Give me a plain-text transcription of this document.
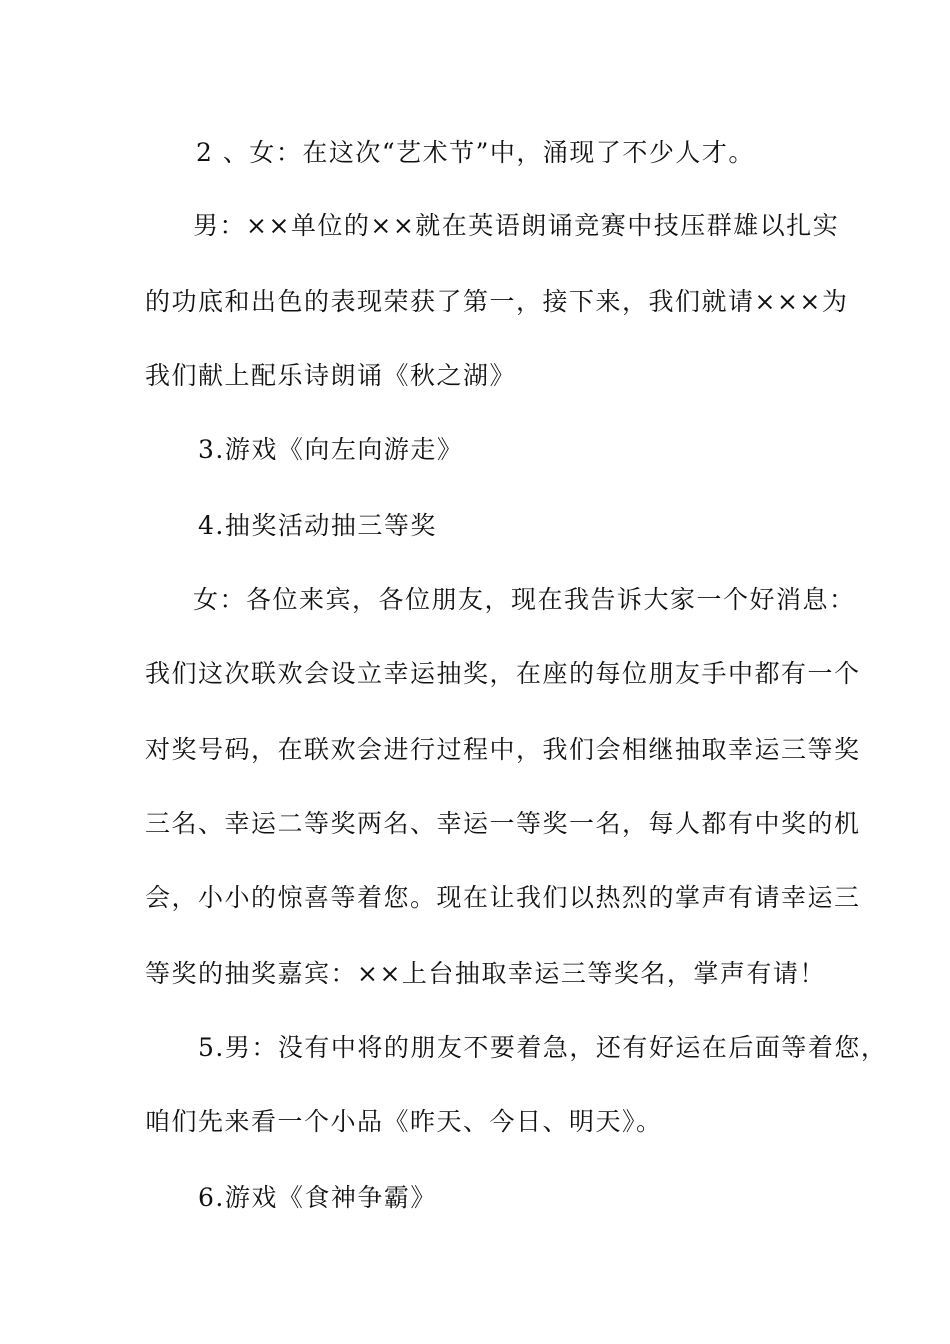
2 、女：在这次“艺术节”中，涌现了不少人才。
男：××单位的××就在英语朗诵竞赛中技压群雄以扎实
的功底和出色的表现荣获了第一，接下来，我们就请×××为
我们献上配乐诗朗诵《秋之湖》
3.游戏《向左向游走》
4.抽奖活动抽三等奖
女：各位来宾，各位朋友，现在我告诉大家一个好消息：
我们这次联欢会设立幸运抽奖，在座的每位朋友手中都有一个
对奖号码，在联欢会进行过程中，我们会相继抽取幸运三等奖
三名、幸运二等奖两名、幸运一等奖一名，每人都有中奖的机
会，小小的惊喜等着您。现在让我们以热烈的掌声有请幸运三
等奖的抽奖嘉宾：××上台抽取幸运三等奖名，掌声有请！
5.男：没有中将的朋友不要着急，还有好运在后面等着您，
咱们先来看一个小品《昨天、今日、明天》。
6.游戏《食神争霸》
